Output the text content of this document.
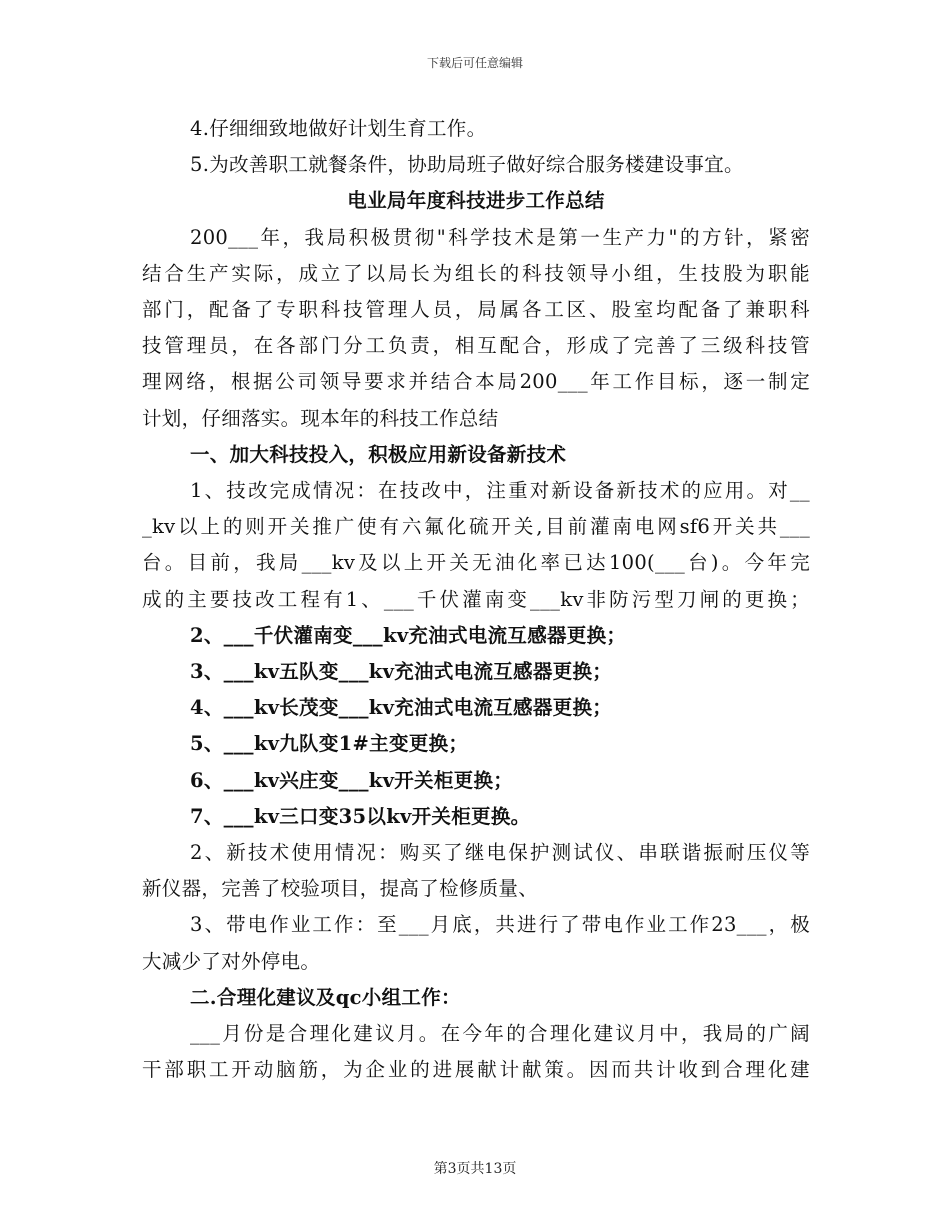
下载后可任意编辑
4.仔细细致地做好计划生育工作。
5.为改善职工就餐条件，协助局班子做好综合服务楼建设事宜。
电业局年度科技进步工作总结
200___年，我局积极贯彻"科学技术是第一生产力"的方针，紧密
结合生产实际，成立了以局长为组长的科技领导小组，生技股为职能
部门，配备了专职科技管理人员，局属各工区、股室均配备了兼职科
技管理员，在各部门分工负责，相互配合，形成了完善了三级科技管
理网络，根据公司领导要求并结合本局200___年工作目标，逐一制定
计划，仔细落实。现本年的科技工作总结
一、加大科技投入，积极应用新设备新技术
1、技改完成情况：在技改中，注重对新设备新技术的应用。对__
_kv以上的则开关推广使有六氟化硫开关,目前灌南电网sf6开关共___
台。目前，我局___kv及以上开关无油化率已达100(___台)。今年完
成的主要技改工程有1、___千伏灌南变___kv非防污型刀闸的更换；
2、___千伏灌南变___kv充油式电流互感器更换；
3、___kv五队变___kv充油式电流互感器更换；
4、___kv长茂变___kv充油式电流互感器更换；
5、___kv九队变1#主变更换；
6、___kv兴庄变___kv开关柜更换；
7、___kv三口变35以kv开关柜更换。
2、新技术使用情况：购买了继电保护测试仪、串联谐振耐压仪等
新仪器，完善了校验项目，提高了检修质量、
3、带电作业工作：至___月底，共进行了带电作业工作23___，极
大减少了对外停电。
二.合理化建议及qc小组工作：
___月份是合理化建议月。在今年的合理化建议月中，我局的广阔
干部职工开动脑筋，为企业的进展献计献策。因而共计收到合理化建
第3页共13页
